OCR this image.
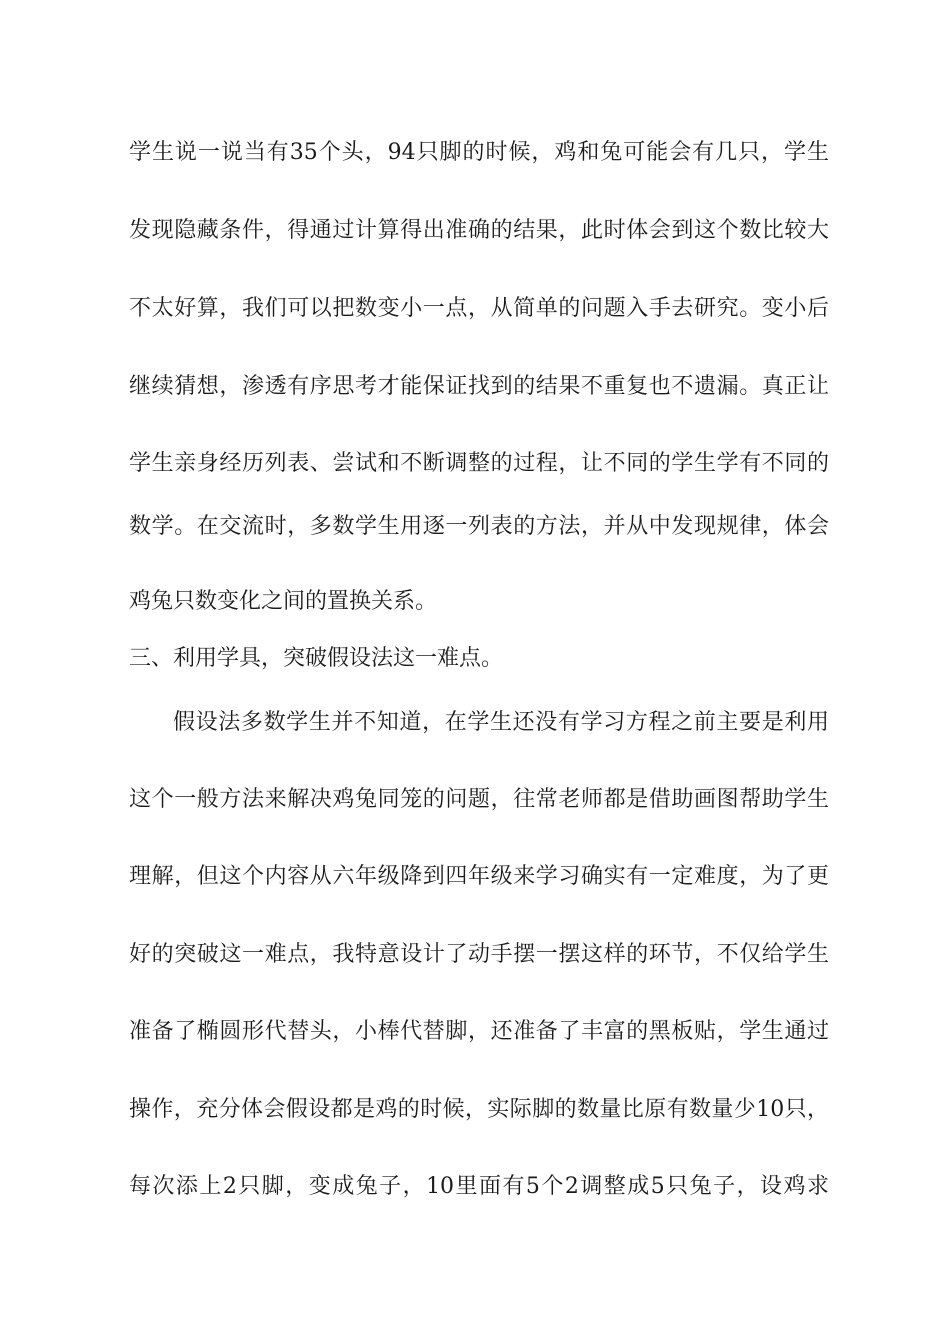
学生说一说当有35个头，94只脚的时候，鸡和兔可能会有几只，学生
发现隐藏条件，得通过计算得出准确的结果，此时体会到这个数比较大
不太好算，我们可以把数变小一点，从简单的问题入手去研究。变小后
继续猜想，渗透有序思考才能保证找到的结果不重复也不遗漏。真正让
学生亲身经历列表、尝试和不断调整的过程，让不同的学生学有不同的
数学。在交流时，多数学生用逐一列表的方法，并从中发现规律，体会
鸡兔只数变化之间的置换关系。
三、利用学具，突破假设法这一难点。
假设法多数学生并不知道，在学生还没有学习方程之前主要是利用
这个一般方法来解决鸡兔同笼的问题，往常老师都是借助画图帮助学生
理解，但这个内容从六年级降到四年级来学习确实有一定难度，为了更
好的突破这一难点，我特意设计了动手摆一摆这样的环节，不仅给学生
准备了椭圆形代替头，小棒代替脚，还准备了丰富的黑板贴，学生通过
操作，充分体会假设都是鸡的时候，实际脚的数量比原有数量少10只，
每次添上2只脚，变成兔子，10里面有5个2调整成5只兔子，设鸡求
